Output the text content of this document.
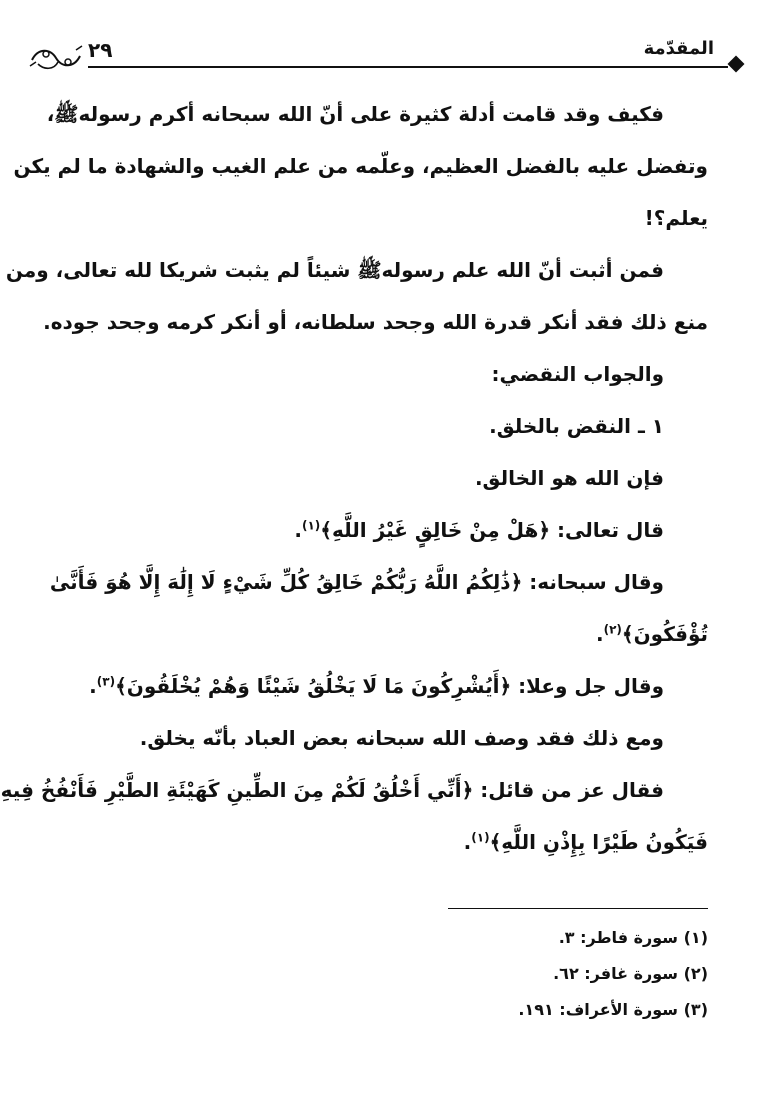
٢٩	المقدّمة
فكيف وقد قامت أدلة كثيرة على أنّ الله سبحانه أكرم رسولهﷺ،
وتفضل عليه بالفضل العظيم، وعلّمه من علم الغيب والشهادة ما لم يكن
يعلم؟!
فمن أثبت أنّ الله علم رسولهﷺ شيئاً لم يثبت شريكا لله تعالى، ومن
منع ذلك فقد أنكر قدرة الله وجحد سلطانه، أو أنكر كرمه وجحد جوده.
والجواب النقضي:
١ ـ النقض بالخلق.
فإن الله هو الخالق.
قال تعالى: ﴿هَلْ مِنْ خَالِقٍ غَيْرُ اللَّهِ﴾$^{(١)}$.
وقال سبحانه: ﴿ذَٰلِكُمُ اللَّهُ رَبُّكُمْ خَالِقُ كُلِّ شَيْءٍ لَا إِلَٰهَ إِلَّا هُوَ فَأَنَّىٰ
تُؤْفَكُونَ﴾$^{(٢)}$.
وقال جل وعلا: ﴿أَيُشْرِكُونَ مَا لَا يَخْلُقُ شَيْئًا وَهُمْ يُخْلَقُونَ﴾$^{(٣)}$.
ومع ذلك فقد وصف الله سبحانه بعض العباد بأنّه يخلق.
فقال عز من قائل: ﴿أَنِّي أَخْلُقُ لَكُمْ مِنَ الطِّينِ كَهَيْئَةِ الطَّيْرِ فَأَنْفُخُ فِيهِ
فَيَكُونُ طَيْرًا بِإِذْنِ اللَّهِ﴾$^{(١)}$.
(١) سورة فاطر: ٣.
(٢) سورة غافر: ٦٢.
(٣) سورة الأعراف: ١٩١.
